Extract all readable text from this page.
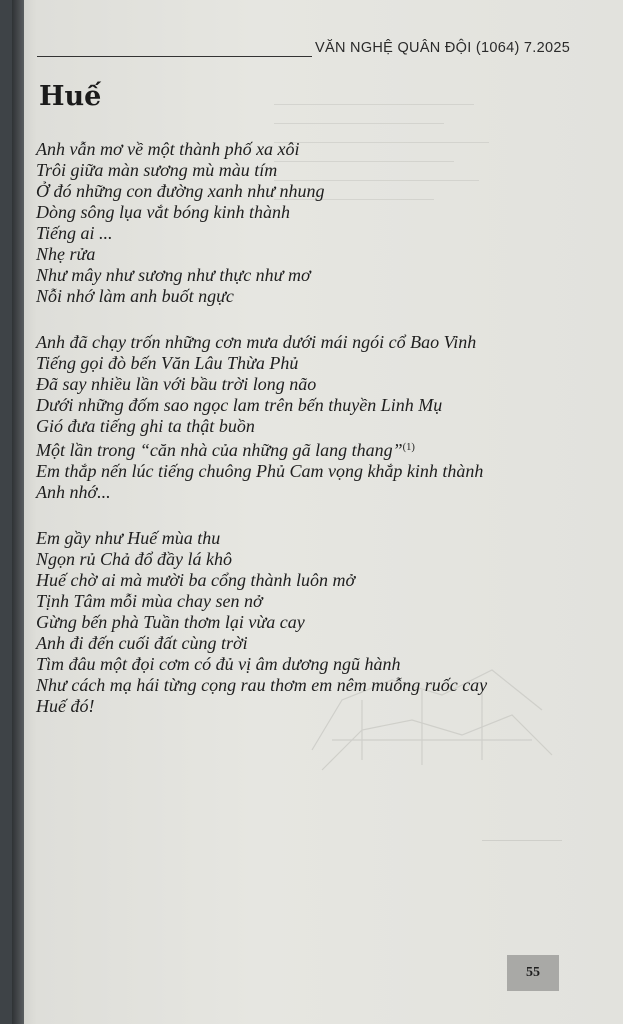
VĂN NGHỆ QUÂN ĐỘI (1064) 7.2025
Huế
Anh vẫn mơ về một thành phố xa xôi
Trôi giữa màn sương mù màu tím
Ở đó những con đường xanh như nhung
Dòng sông lụa vắt bóng kinh thành
Tiếng ai ...
Nhẹ rửa
Như mây như sương như thực như mơ
Nỗi nhớ làm anh buốt ngực
Anh đã chạy trốn những cơn mưa dưới mái ngói cổ Bao Vinh
Tiếng gọi đò bến Văn Lâu Thừa Phủ
Đã say nhiều lần với bầu trời long não
Dưới những đốm sao ngọc lam trên bến thuyền Linh Mụ
Gió đưa tiếng ghi ta thật buồn
Một lần trong “căn nhà của những gã lang thang”$^{(1)}$
Em thắp nến lúc tiếng chuông Phủ Cam vọng khắp kinh thành
Anh nhớ...
Em gầy như Huế mùa thu
Ngọn rủ Chả đổ đầy lá khô
Huế chờ ai mà mười ba cổng thành luôn mở
Tịnh Tâm mỗi mùa chay sen nở
Gừng bến phà Tuần thơm lại vừa cay
Anh đi đến cuối đất cùng trời
Tìm đâu một đọi cơm có đủ vị âm dương ngũ hành
Như cách mạ hái từng cọng rau thơm em nêm muỗng ruốc cay
Huế đó!
55
